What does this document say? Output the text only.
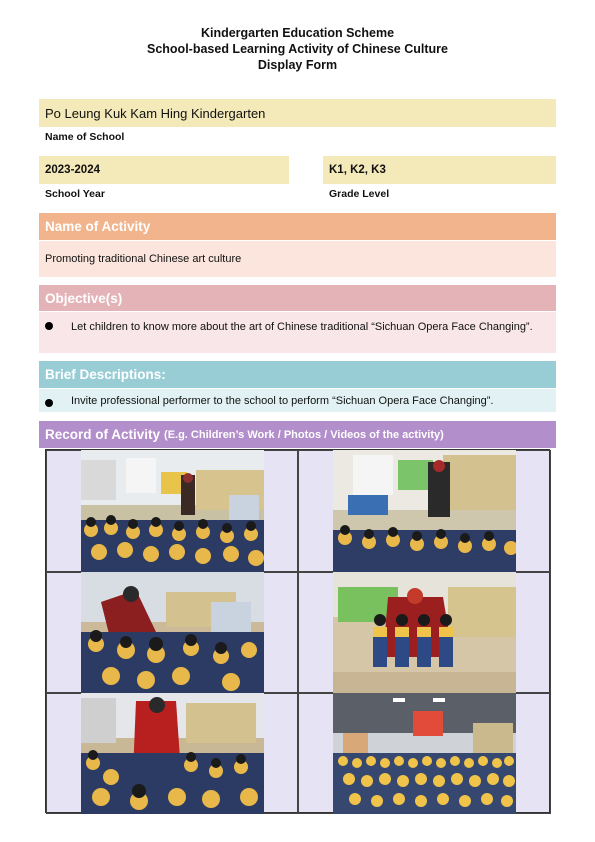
Kindergarten Education Scheme
School-based Learning Activity of Chinese Culture
Display Form
Po Leung Kuk Kam Hing Kindergarten
Name of School
2023-2024
School Year
K1, K2, K3
Grade Level
Name of Activity
Promoting traditional Chinese art culture
Objective(s)
Let children to know more about the art of Chinese traditional “Sichuan Opera Face Changing”.
Brief Descriptions:
Invite professional performer to the school to perform “Sichuan Opera Face Changing”.
Record of Activity (E.g. Children’s Work / Photos / Videos of the activity)
